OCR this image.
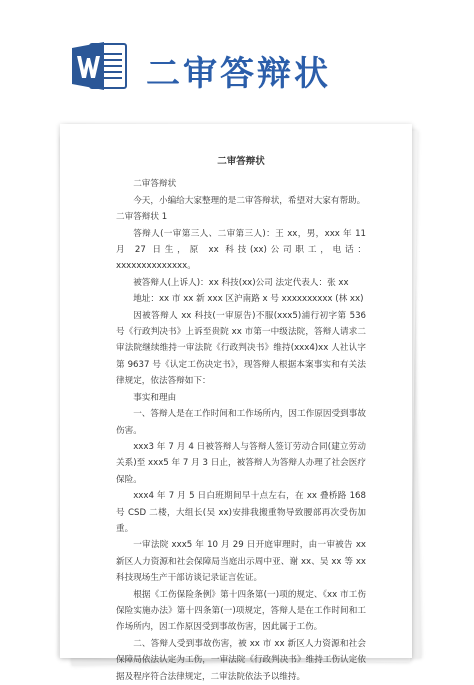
二审答辩状

二审答辩状

二审答辩状

今天，小编给大家整理的是二审答辩状，希望对大家有帮助。

二审答辩状 1

答辩人(一审第三人、二审第三人)：王 xx，男，xxx 年 11 月 27 日生，原 xx 科技(xx)公司职工，电话：xxxxxxxxxxxxxx。

被答辩人(上诉人)：xx 科技(xx)公司 法定代表人：张 xx

地址：xx 市 xx 新 xxx 区沪南路 x 号 xxxxxxxxxx (林 xx)

因被答辩人 xx 科技(一审原告)不服(xxx5)浦行初字第 536 号《行政判决书》上诉至贵院 xx 市第一中级法院，答辩人请求二审法院继续维持一审法院《行政判决书》维持(xxx4)xx 人社认字第 9637 号《认定工伤决定书》，现答辩人根据本案事实和有关法律规定，依法答辩如下：

事实和理由

一、答辩人是在工作时间和工作场所内，因工作原因受到事故伤害。

xxx3 年 7 月 4 日被答辩人与答辩人签订劳动合同(建立劳动关系)至 xxx5 年 7 月 3 日止，被答辩人为答辩人办理了社会医疗保险。

xxx4 年 7 月 5 日白班期间早十点左右，在 xx 叠桥路 168 号 CSD 二楼，大组长(吴 xx)安排我搬重物导致腰部再次受伤加重。

一审法院 xxx5 年 10 月 29 日开庭审理时，由一审被告 xx 新区人力资源和社会保障局当庭出示周中亚、谢 xx、吴 xx 等 xx 科技现场生产干部访谈记录证言佐证。

根据《工伤保险条例》第十四条第(一)项的规定、《xx 市工伤保险实施办法》第十四条第(一)项规定，答辩人是在工作时间和工作场所内，因工作原因受到事故伤害，因此属于工伤。

二、答辩人受到事故伤害，被 xx 市 xx 新区人力资源和社会保障局依法认定为工伤，一审法院《行政判决书》维持工伤认定依据及程序符合法律规定，二审法院依法予以维持。
